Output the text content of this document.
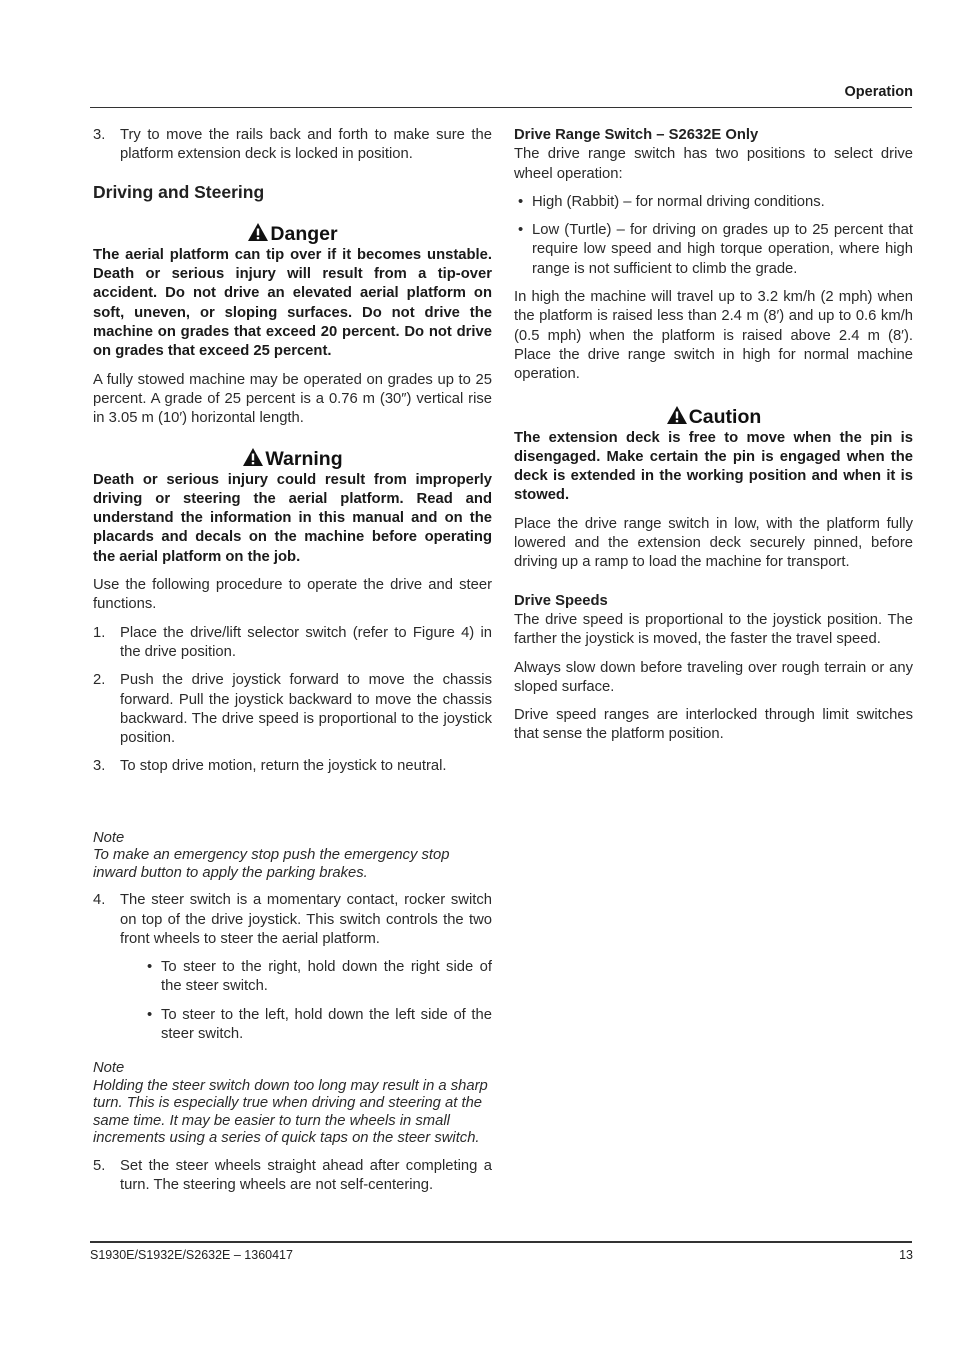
Operation
3. Try to move the rails back and forth to make sure the platform extension deck is locked in position.
Driving and Steering
Danger

The aerial platform can tip over if it becomes unstable. Death or serious injury will result from a tip-over accident. Do not drive an elevated aerial platform on soft, uneven, or sloping surfaces. Do not drive the machine on grades that exceed 20 percent. Do not drive on grades that exceed 25 percent.

A fully stowed machine may be operated on grades up to 25 percent. A grade of 25 percent is a 0.76 m (30″) vertical rise in 3.05 m (10′) horizontal length.

Warning

Death or serious injury could result from improperly driving or steering the aerial platform. Read and understand the information in this manual and on the placards and decals on the machine before operating the aerial platform on the job.

Use the following procedure to operate the drive and steer functions.

1. Place the drive/lift selector switch (refer to Figure 4) in the drive position.
2. Push the drive joystick forward to move the chassis forward. Pull the joystick backward to move the chassis backward. The drive speed is proportional to the joystick position.
3. To stop drive motion, return the joystick to neutral.

Note

To make an emergency stop push the emergency stop inward button to apply the parking brakes.

4. The steer switch is a momentary contact, rocker switch on top of the drive joystick. This switch controls the two front wheels to steer the aerial platform.
• To steer to the right, hold down the right side of the steer switch.
• To steer to the left, hold down the left side of the steer switch.

Note

Holding the steer switch down too long may result in a sharp turn. This is especially true when driving and steering at the same time. It may be easier to turn the wheels in small increments using a series of quick taps on the steer switch.

5. Set the steer wheels straight ahead after completing a turn. The steering wheels are not self-centering.

Drive Range Switch – S2632E Only

The drive range switch has two positions to select drive wheel operation:

• High (Rabbit) – for normal driving conditions.
• Low (Turtle) – for driving on grades up to 25 percent that require low speed and high torque operation, where high range is not sufficient to climb the grade.

In high the machine will travel up to 3.2 km/h (2 mph) when the platform is raised less than 2.4 m (8′) and up to 0.6 km/h (0.5 mph) when the platform is raised above 2.4 m (8′). Place the drive range switch in high for normal machine operation.

Caution

The extension deck is free to move when the pin is disengaged. Make certain the pin is engaged when the deck is extended in the working position and when it is stowed.

Place the drive range switch in low, with the platform fully lowered and the extension deck securely pinned, before driving up a ramp to load the machine for transport.

Drive Speeds

The drive speed is proportional to the joystick position. The farther the joystick is moved, the faster the travel speed.

Always slow down before traveling over rough terrain or any sloped surface.

Drive speed ranges are interlocked through limit switches that sense the platform position.

S1930E/S1932E/S2632E – 1360417	13
